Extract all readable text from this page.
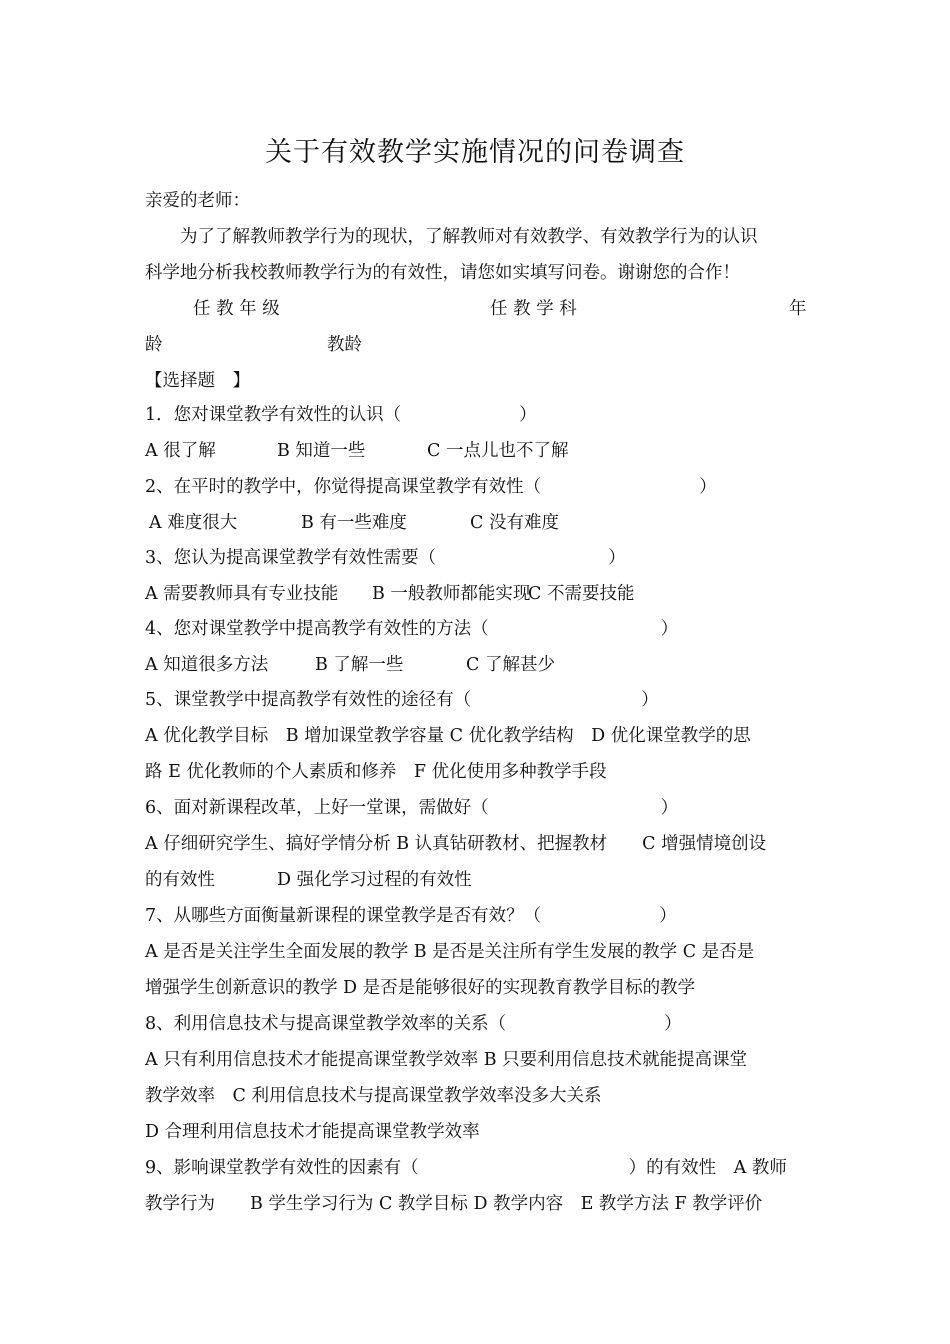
关于有效教学实施情况的问卷调查
亲爱的老师：
为了了解教师教学行为的现状，了解教师对有效教学、有效教学行为的认识
科学地分析我校教师教学行为的有效性，请您如实填写问卷。谢谢您的合作！
任 教 年 级	任 教 学 科	年
龄	教龄
【选择题　】
1．您对课堂教学有效性的认识（	）
A 很了解	B 知道一些	C 一点儿也不了解
2、在平时的教学中，你觉得提高课堂教学有效性（	）
A 难度很大	B 有一些难度	C 没有难度
3、您认为提高课堂教学有效性需要（	）
A 需要教师具有专业技能 B 一般教师都能实现
C 不需要技能
4、您对课堂教学中提高教学有效性的方法（	）
A 知道很多方法	B 了解一些	C 了解甚少
5、课堂教学中提高教学有效性的途径有（	）
A 优化教学目标　B 增加课堂教学容量 C 优化教学结构　D 优化课堂教学的思
路 E 优化教师的个人素质和修养　F 优化使用多种教学手段
6、面对新课程改革，上好一堂课，需做好（	）
A 仔细研究学生、搞好学情分析 B 认真钻研教材、把握教材　　C 增强情境创设
的有效性	D 强化学习过程的有效性
7、从哪些方面衡量新课程的课堂教学是否有效？（	）
A 是否是关注学生全面发展的教学 B 是否是关注所有学生发展的教学 C 是否是
增强学生创新意识的教学 D 是否是能够很好的实现教育教学目标的教学
8、利用信息技术与提高课堂教学效率的关系（	）
A 只有利用信息技术才能提高课堂教学效率 B 只要利用信息技术就能提高课堂
教学效率　C 利用信息技术与提高课堂教学效率没多大关系
D 合理利用信息技术才能提高课堂教学效率
9、影响课堂教学有效性的因素有（	）的有效性　A 教师
教学行为　　B 学生学习行为 C 教学目标 D 教学内容　E 教学方法 F 教学评价
